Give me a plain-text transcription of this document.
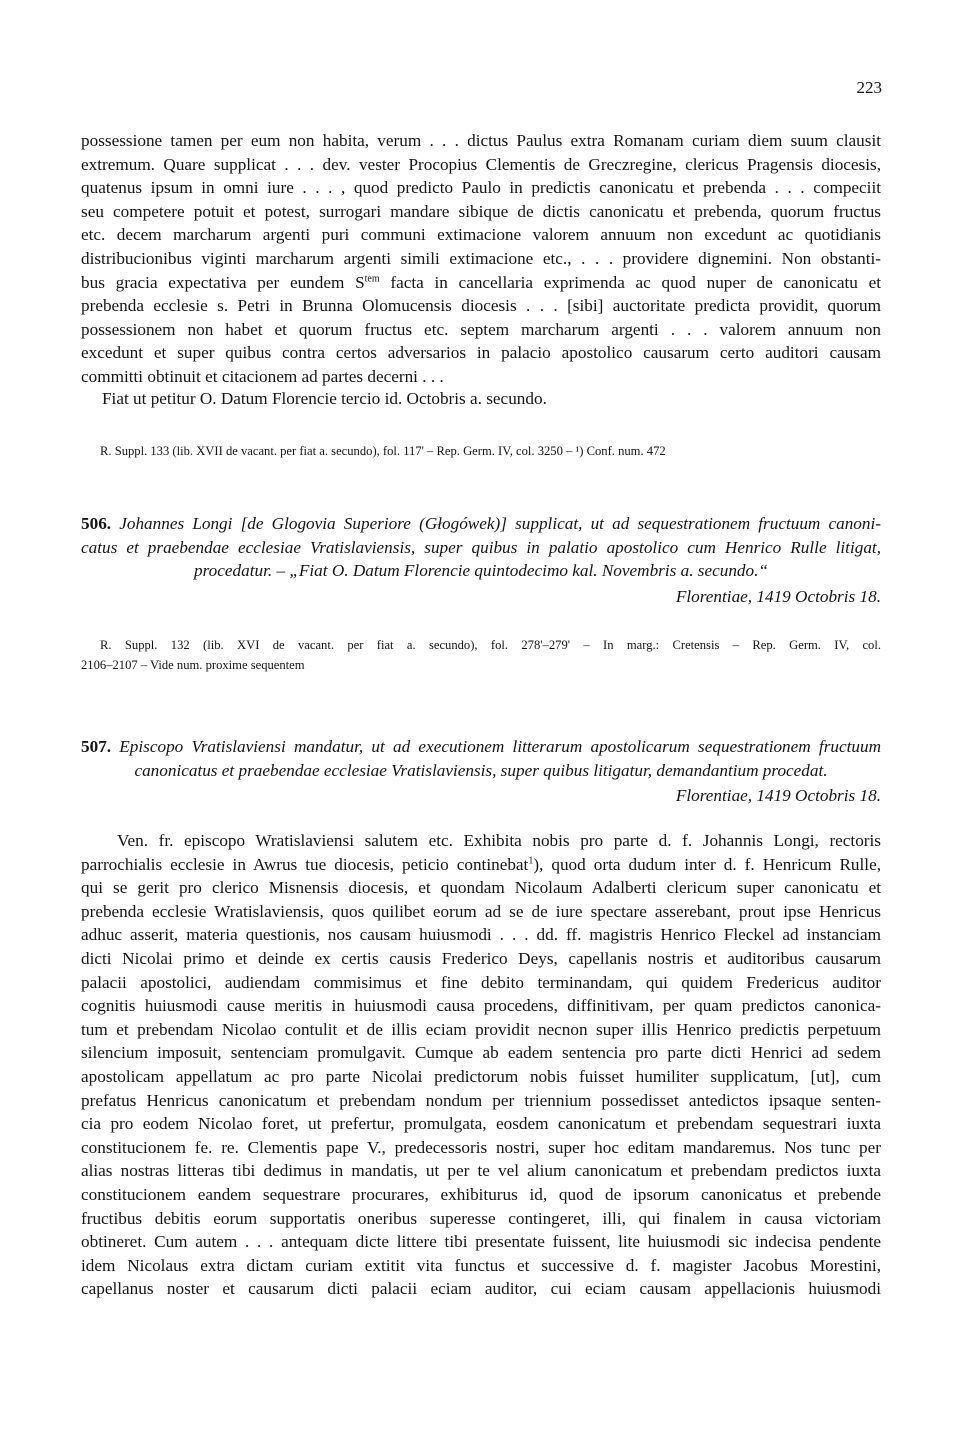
223

possessione tamen per eum non habita, verum . . . dictus Paulus extra Romanam curiam diem suum clausit
extremum. Quare supplicat . . . dev. vester Procopius Clementis de Greczregine, clericus Pragensis diocesis,
quatenus ipsum in omni iure . . . , quod predicto Paulo in predictis canonicatu et prebenda . . . compeciit
seu competere potuit et potest, surrogari mandare sibique de dictis canonicatu et prebenda, quorum fructus
etc. decem marcharum argenti puri communi extimacione valorem annuum non excedunt ac quotidianis
distribucionibus viginti marcharum argenti simili extimacione etc., . . . providere dignemini. Non obstanti-
bus gracia expectativa per eundem $S^{tem}$ facta in cancellaria exprimenda ac quod nuper de canonicatu et
prebenda ecclesie s. Petri in Brunna Olomucensis diocesis . . . [sibi] auctoritate predicta providit, quorum
possessionem non habet et quorum fructus etc. septem marcharum argenti . . . valorem annuum non
excedunt et super quibus contra certos adversarios in palacio apostolico causarum certo auditori causam
committi obtinuit et citacionem ad partes decerni . . .

Fiat ut petitur O. Datum Florencie tercio id. Octobris a. secundo.
R. Suppl. 133 (lib. XVII de vacant. per fiat a. secundo), fol. 117' – Rep. Germ. IV, col. 3250 – ¹) Conf. num. 472
506. Johannes Longi [de Glogovia Superiore (Głogówek)] supplicat, ut ad sequestrationem fructuum canoni-
catus et praebendae ecclesiae Vratislaviensis, super quibus in palatio apostolico cum Henrico Rulle litigat,
procedatur. – „Fiat O. Datum Florencie quintodecimo kal. Novembris a. secundo.“
Florentiae, 1419 Octobris 18.
R. Suppl. 132 (lib. XVI de vacant. per fiat a. secundo), fol. 278'–279' – In marg.: Cretensis – Rep. Germ. IV, col.
2106–2107 – Vide num. proxime sequentem
507. Episcopo Vratislaviensi mandatur, ut ad executionem litterarum apostolicarum sequestrationem fructuum
canonicatus et praebendae ecclesiae Vratislaviensis, super quibus litigatur, demandantium procedat.
Florentiae, 1419 Octobris 18.

Ven. fr. episcopo Wratislaviensi salutem etc. Exhibita nobis pro parte d. f. Johannis Longi, rectoris
parrochialis ecclesie in Awrus tue diocesis, peticio continebat$^1$), quod orta dudum inter d. f. Henricum Rulle,
qui se gerit pro clerico Misnensis diocesis, et quondam Nicolaum Adalberti clericum super canonicatu et
prebenda ecclesie Wratislaviensis, quos quilibet eorum ad se de iure spectare asserebant, prout ipse Henricus
adhuc asserit, materia questionis, nos causam huiusmodi . . . dd. ff. magistris Henrico Fleckel ad instanciam
dicti Nicolai primo et deinde ex certis causis Frederico Deys, capellanis nostris et auditoribus causarum
palacii apostolici, audiendam commisimus et fine debito terminandam, qui quidem Fredericus auditor
cognitis huiusmodi cause meritis in huiusmodi causa procedens, diffinitivam, per quam predictos canonica-
tum et prebendam Nicolao contulit et de illis eciam providit necnon super illis Henrico predictis perpetuum
silencium imposuit, sentenciam promulgavit. Cumque ab eadem sentencia pro parte dicti Henrici ad sedem
apostolicam appellatum ac pro parte Nicolai predictorum nobis fuisset humiliter supplicatum, [ut], cum
prefatus Henricus canonicatum et prebendam nondum per triennium possedisset antedictos ipsaque senten-
cia pro eodem Nicolao foret, ut prefertur, promulgata, eosdem canonicatum et prebendam sequestrari iuxta
constitucionem fe. re. Clementis pape V., predecessoris nostri, super hoc editam mandaremus. Nos tunc per
alias nostras litteras tibi dedimus in mandatis, ut per te vel alium canonicatum et prebendam predictos iuxta
constitucionem eandem sequestrare procurares, exhibiturus id, quod de ipsorum canonicatus et prebende
fructibus debitis eorum supportatis oneribus superesse contingeret, illi, qui finalem in causa victoriam
obtineret. Cum autem . . . antequam dicte littere tibi presentate fuissent, lite huiusmodi sic indecisa pendente
idem Nicolaus extra dictam curiam extitit vita functus et successive d. f. magister Jacobus Morestini,
capellanus noster et causarum dicti palacii eciam auditor, cui eciam causam appellacionis huiusmodi
